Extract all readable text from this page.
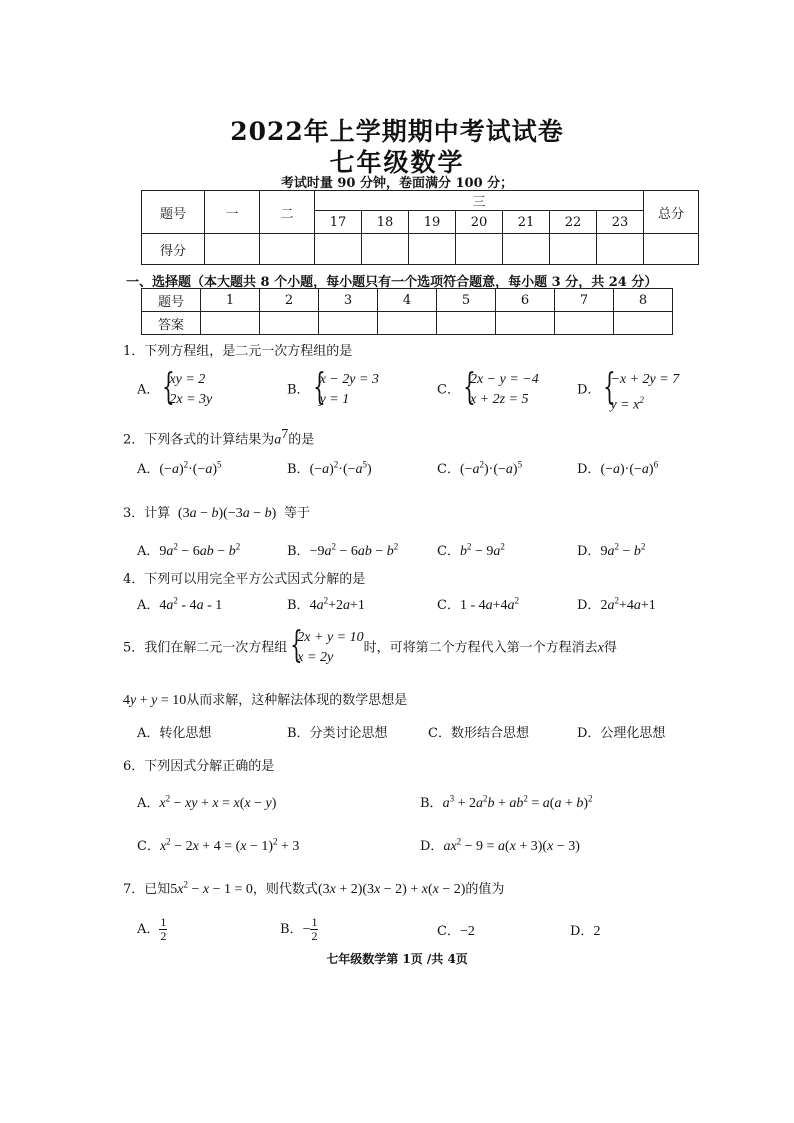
2022年上学期期中考试试卷
七年级数学
考试时量 90 分钟，卷面满分 100 分；
题号	一	二	三							总分
			17	18	19	20	21	22	23	
得分										
一、选择题（本大题共 8 个小题，每小题只有一个选项符合题意，每小题 3 分，共 24 分）
题号	1	2	3	4	5	6	7	8
答案								
1．下列方程组，是二元一次方程组的是
A．
{ xy = 2
2x = 3y
B．
{ x − 2y = 3
y = 1
C．
{ 2x − y = −4
x + 2z = 5
D．
{ −x + 2y = 7
$y = x^2$
2．下列各式的计算结果为$a^7$的是
A．$(-a)^2\cdot(-a)^5$	B．$(-a)^2\cdot(-a^5)$	C．$(-a^2)\cdot(-a)^5$	D．$(-a)\cdot(-a)^6$
3．计算  (3a − b)(−3a − b)  等于
A．$9a^2 - 6ab - b^2$	B．$-9a^2 - 6ab - b^2$	C．$b^2 - 9a^2$	D．$9a^2 - b^2$
4．下列可以用完全平方公式因式分解的是
A．$4a^2 - 4a - 1$	B．$4a^2+2a+1$	C．$1 - 4a+4a^2$	D．$2a^2+4a+1$
5．我们在解二元一次方程组
{ 2x + y = 10
x = 2y
时，可将第二个方程代入第一个方程消去x得
4y + y = 10从而求解，这种解法体现的数学思想是
A．转化思想	B．分类讨论思想	C．数形结合思想	D．公理化思想
6．下列因式分解正确的是
A．$x^2$ − xy + x = x(x − y)	B．$a^3 + 2a^2b + ab^2 = a(a + b)^2$
C．$x^2 - 2x + 4 = (x - 1)^2 + 3$	D．$ax^2 - 9 = a(x + 3)(x - 3)$
7．已知$5x^2 - x - 1 = 0$，则代数式(3x + 2)(3x − 2) + x(x − 2)的值为
A． $\frac{1}{2}$	B．− $\frac{1}{2}$	C．−2	D．2
七年级数学第 1页 /共 4页
